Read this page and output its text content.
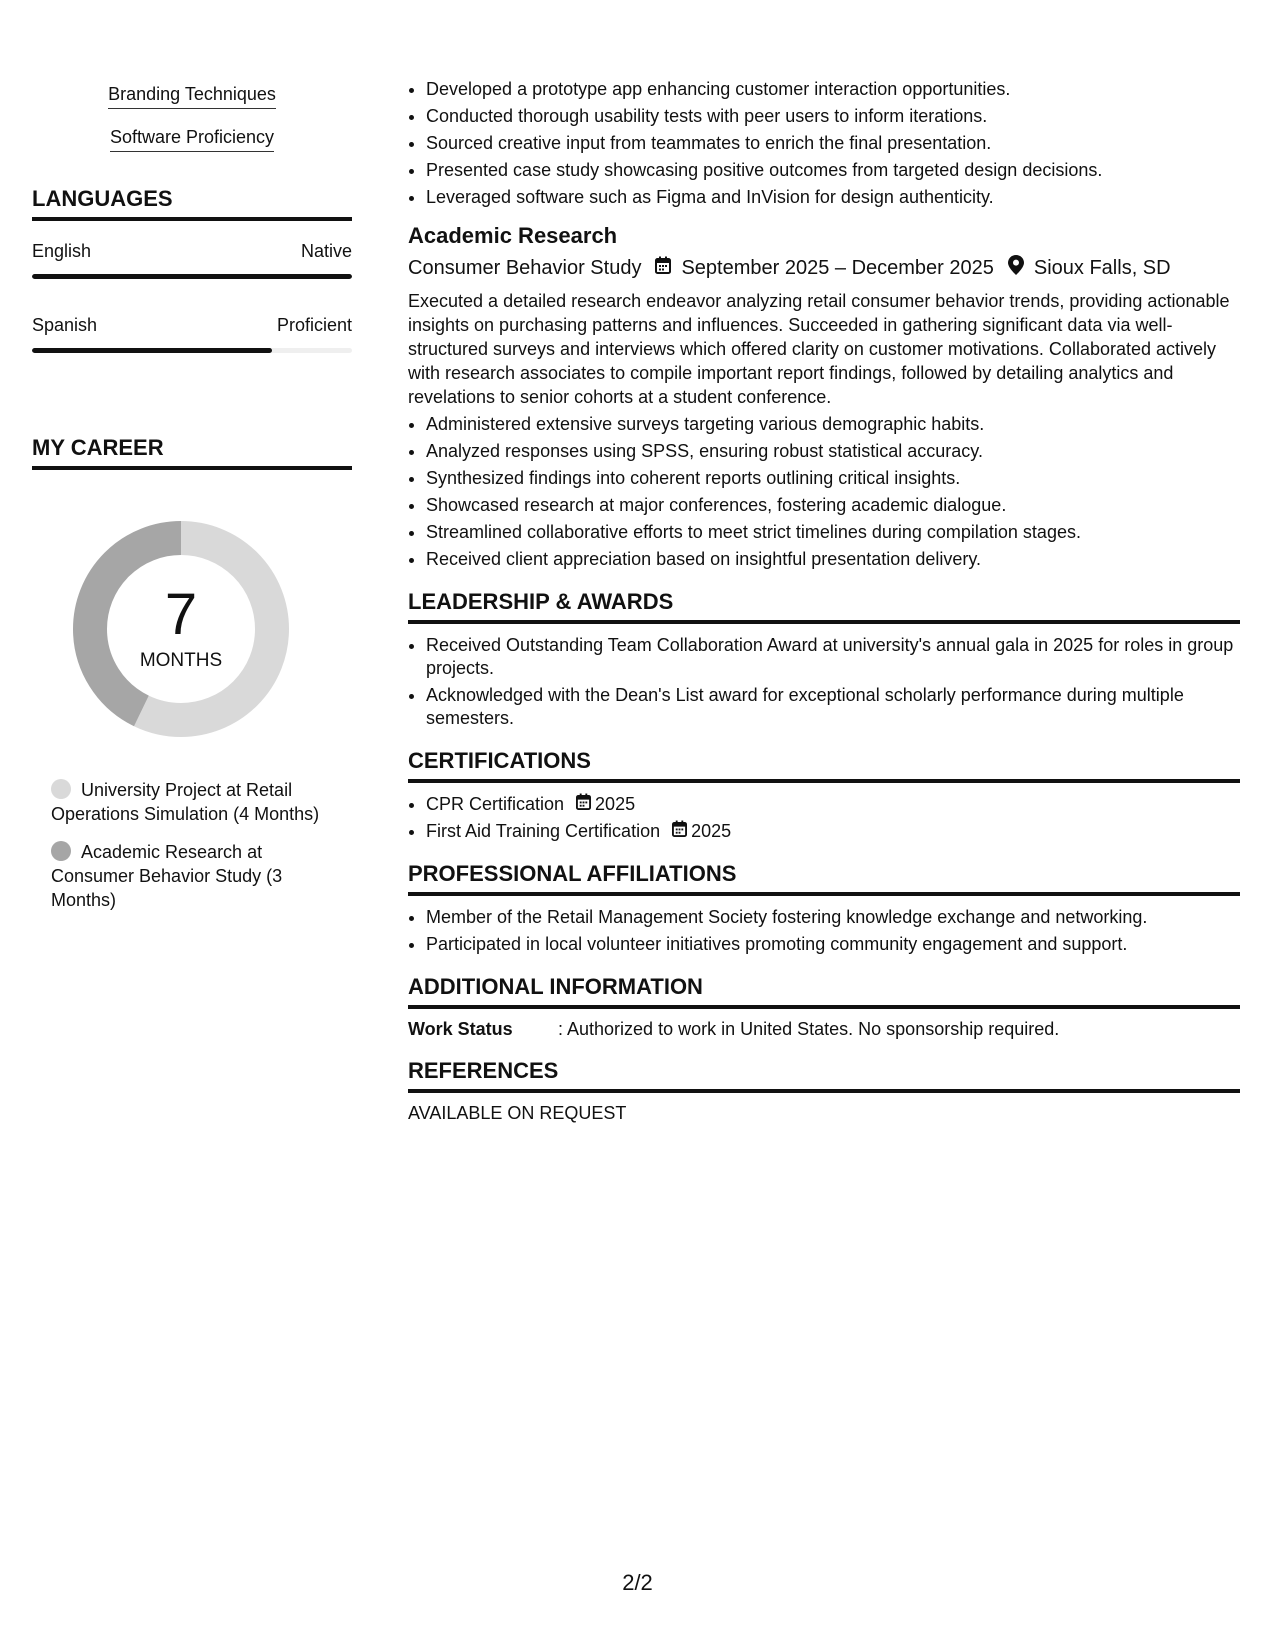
Branding Techniques
Software Proficiency
LANGUAGES
English	Native
Spanish	Proficient
MY CAREER
7
MONTHS
University Project at Retail Operations Simulation (4 Months)
Academic Research at Consumer Behavior Study (3 Months)
• Developed a prototype app enhancing customer interaction opportunities.
• Conducted thorough usability tests with peer users to inform iterations.
• Sourced creative input from teammates to enrich the final presentation.
• Presented case study showcasing positive outcomes from targeted design decisions.
• Leveraged software such as Figma and InVision for design authenticity.
Academic Research
Consumer Behavior Study September 2025 – December 2025 Sioux Falls, SD
Executed a detailed research endeavor analyzing retail consumer behavior trends, providing actionable insights on purchasing patterns and influences. Succeeded in gathering significant data via well-structured surveys and interviews which offered clarity on customer motivations. Collaborated actively with research associates to compile important report findings, followed by detailing analytics and revelations to senior cohorts at a student conference.
• Administered extensive surveys targeting various demographic habits.
• Analyzed responses using SPSS, ensuring robust statistical accuracy.
• Synthesized findings into coherent reports outlining critical insights.
• Showcased research at major conferences, fostering academic dialogue.
• Streamlined collaborative efforts to meet strict timelines during compilation stages.
• Received client appreciation based on insightful presentation delivery.
LEADERSHIP & AWARDS
• Received Outstanding Team Collaboration Award at university's annual gala in 2025 for roles in group projects.
• Acknowledged with the Dean's List award for exceptional scholarly performance during multiple semesters.
CERTIFICATIONS
• CPR Certification 2025
• First Aid Training Certification 2025
PROFESSIONAL AFFILIATIONS
• Member of the Retail Management Society fostering knowledge exchange and networking.
• Participated in local volunteer initiatives promoting community engagement and support.
ADDITIONAL INFORMATION
Work Status	: Authorized to work in United States. No sponsorship required.
REFERENCES
AVAILABLE ON REQUEST
2/2
